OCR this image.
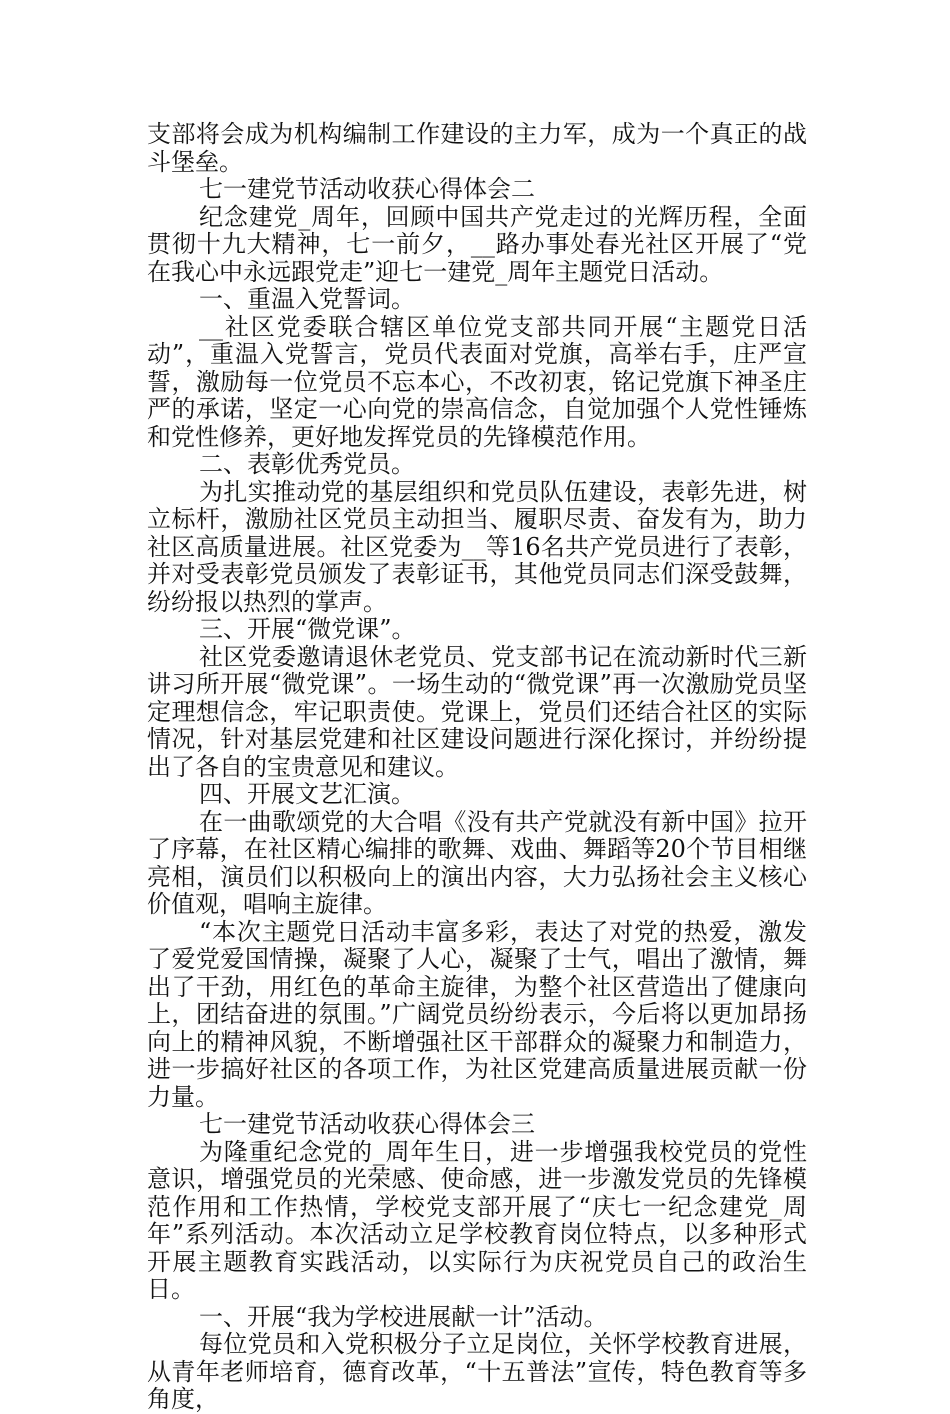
支部将会成为机构编制工作建设的主力军，成为一个真正的战斗堡垒。

七一建党节活动收获心得体会二

纪念建党_周年，回顾中国共产党走过的光辉历程，全面贯彻十九大精神，七一前夕，__路办事处春光社区开展了“党在我心中永远跟党走”迎七一建党_周年主题党日活动。

一、重温入党誓词。

__社区党委联合辖区单位党支部共同开展“主题党日活动”，重温入党誓言，党员代表面对党旗，高举右手，庄严宣誓，激励每一位党员不忘本心，不改初衷，铭记党旗下神圣庄严的承诺，坚定一心向党的崇高信念，自觉加强个人党性锤炼和党性修养，更好地发挥党员的先锋模范作用。

二、表彰优秀党员。

为扎实推动党的基层组织和党员队伍建设，表彰先进，树立标杆，激励社区党员主动担当、履职尽责、奋发有为，助力社区高质量进展。社区党委为__等16名共产党员进行了表彰，并对受表彰党员颁发了表彰证书，其他党员同志们深受鼓舞，纷纷报以热烈的掌声。

三、开展“微党课”。

社区党委邀请退休老党员、党支部书记在流动新时代三新讲习所开展“微党课”。一场生动的“微党课”再一次激励党员坚定理想信念，牢记职责使。党课上，党员们还结合社区的实际情况，针对基层党建和社区建设问题进行深化探讨，并纷纷提出了各自的宝贵意见和建议。

四、开展文艺汇演。

在一曲歌颂党的大合唱《没有共产党就没有新中国》拉开了序幕，在社区精心编排的歌舞、戏曲、舞蹈等20个节目相继亮相，演员们以积极向上的演出内容，大力弘扬社会主义核心价值观，唱响主旋律。

“本次主题党日活动丰富多彩，表达了对党的热爱，激发了爱党爱国情操，凝聚了人心，凝聚了士气，唱出了激情，舞出了干劲，用红色的革命主旋律，为整个社区营造出了健康向上，团结奋进的氛围。”广阔党员纷纷表示，今后将以更加昂扬向上的精神风貌，不断增强社区干部群众的凝聚力和制造力，进一步搞好社区的各项工作，为社区党建高质量进展贡献一份力量。

七一建党节活动收获心得体会三

为隆重纪念党的_周年生日，进一步增强我校党员的党性意识，增强党员的光荣感、使命感，进一步激发党员的先锋模范作用和工作热情，学校党支部开展了“庆七一纪念建党_周年”系列活动。本次活动立足学校教育岗位特点，以多种形式开展主题教育实践活动，以实际行为庆祝党员自己的政治生日。

一、开展“我为学校进展献一计”活动。

每位党员和入党积极分子立足岗位，关怀学校教育进展，从青年老师培育，德育改革，“十五普法”宣传，特色教育等多角度，
